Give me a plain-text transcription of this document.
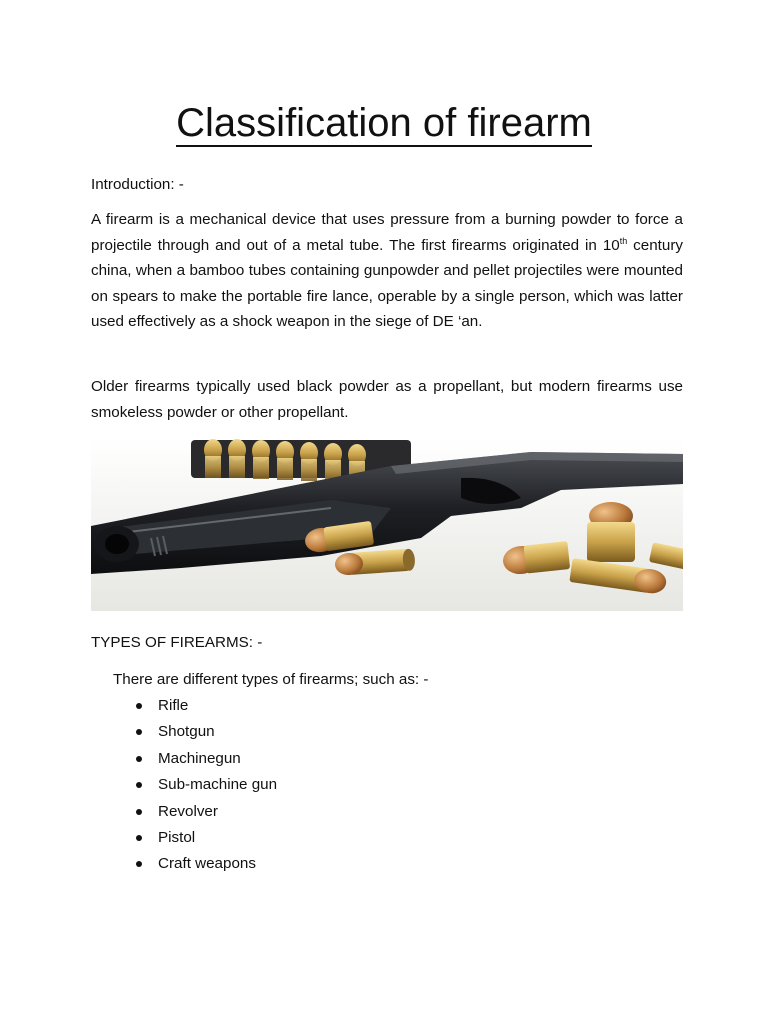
Classification of firearm
Introduction: -
A firearm is a mechanical device that uses pressure from a burning powder to force a projectile through and out of a metal tube. The first firearms originated in 10th century china, when a bamboo tubes containing gunpowder and pellet projectiles were mounted on spears to make the portable fire lance, operable by a single person, which was latter used effectively as a shock weapon in the siege of DE ‘an.
Older firearms typically used black powder as a propellant, but modern firearms use smokeless powder or other propellant.
TYPES OF FIREARMS: -
There are different types of firearms; such as: -
Rifle
Shotgun
Machinegun
Sub-machine gun
Revolver
Pistol
Craft weapons
